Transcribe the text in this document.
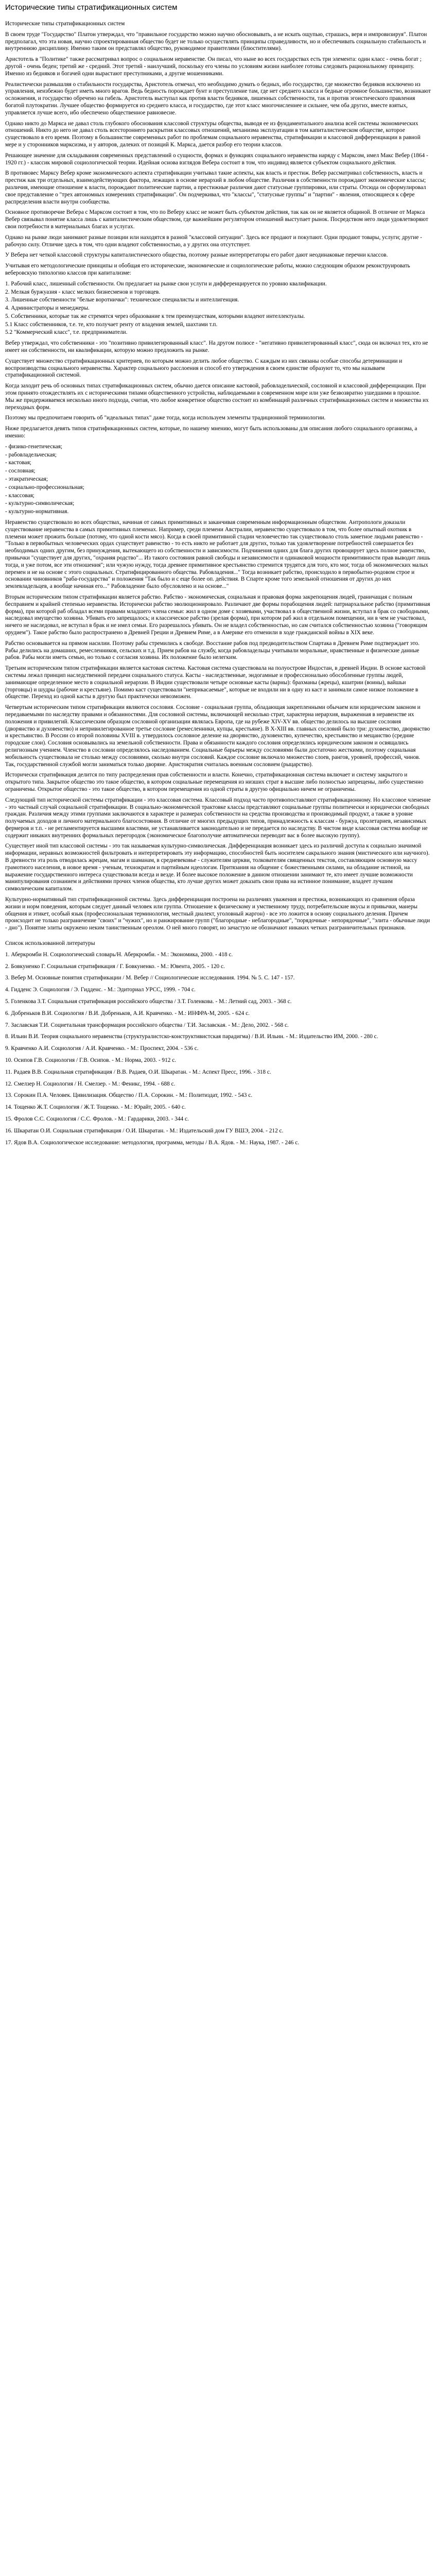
Исторические типы стратификационных систем

Исторические типы стратификационных систем

В своем труде "Государство" Платон утверждал, что "правильное государство можно научно обосновывать, а не искать ощупью, страшась, веря и импровизируя". Платон предполагал, что эта новая, научно спроектированная общество будет не только осуществлять принципы справедливости, но и обеспечивать социальную стабильность и внутреннюю дисциплину. Именно таким он представлял общество, руководимое правителями (блюстителями).

Аристотель в "Политике" также рассматривал вопрос о социальном неравенстве. Он писал, что ныне во всех государствах есть три элемента: один класс - очень богат ; другой - очень беден; третий же - средний. Этот третий - наилучший, поскольку его члены по условиям жизни наиболее готовы следовать рациональному принципу. Именно из бедняков и богачей одни вырастают преступниками, а другие мошенниками.

Реалистически размышляя о стабильности государства, Аристотель отмечал, что необходимо думать о бедных, ибо государство, где множество бедняков исключено из управления, неизбежно будет иметь много врагов. Ведь бедность порождает бунт и преступление там, где нет среднего класса и бедные огромное большинство, возникают осложнения, и государство обречено на гибель. Аристотель выступал как против власти бедняков, лишенных собственности, так и против эгоистического правления богатой плутократии. Лучшее общество формируется из среднего класса, и государство, где этот класс многочисленнее и сильнее, чем оба других, вместе взятых, управляется лучше всего, ибо обеспечено общественное равновесие.

Однако никто до Маркса не давал столь глубокого обоснования классовой структуры общества, выводя ее из фундаментального анализа всей системы экономических отношений. Никто до него не давал столь всестороннего раскрытия классовых отношений, механизма эксплуатации в том капиталистическом обществе, которое существовало в его время. Поэтому в большинстве современных работ по проблемам социального неравенства, стратификации и классовой дифференциации в равной мере и у сторонников марксизма, и у авторов, далеких от позиций К. Маркса, дается разбор его теории классов.

Решающее значение для складывания современных представлений о сущности, формах и функциях социального неравенства наряду с Марксом, имел Макс Вебер (1864 - 1920 гг.) - классик мировой социологической теории. Идейная основа взглядов Вебера состоит в том, что индивид является субъектом социального действия.

В противовес Марксу Вебер кроме экономического аспекта стратификации учитывал такие аспекты, как власть и престиж. Вебер рассматривал собственность, власть и престиж как три отдельных, взаимодействующих фактора, лежащих в основе иерархий в любом обществе. Различия в собственности порождают экономические классы; различия, имеющие отношение к власти, порождают политические партии, а престижные различия дают статусные группировки, или страты. Отсюда он сформулировал свое представление о "трех автономных измерениях стратификации". Он подчеркивал, что "классы", "статусные группы" и "партии" - явления, относящиеся к сфере распределения власти внутри сообщества.

Основное противоречие Вебера с Марксом состоит в том, что по Веберу класс не может быть субъектом действия, так как он не является общиной. В отличие от Маркса Вебер связывал понятие класса лишь с капиталистическим обществом, где важнейшим регулятором отношений выступает рынок. Посредством него люди удовлетворяют свои потребности в материальных благах и услугах.

Однако на рынке люди занимают разные позиции или находятся в разной "классовой ситуации". Здесь все продают и покупают. Одни продают товары, услуги; другие - рабочую силу. Отличие здесь в том, что одни владеют собственностью, а у других она отсутствует.

У Вебера нет четкой классовой структуры капиталистического общества, поэтому разные интерпретаторы его работ дают неодинаковые перечни классов.

Учитывая его методологические принципы и обобщая его исторические, экономические и социологические работы, можно следующим образом реконструировать веберовскую типологию классов при капитализме:

1. Рабочий класс, лишенный собственности. Он предлагает на рынке свои услуги и дифференцируется по уровню квалификации.

2. Мелкая буржуазия - класс мелких бизнесменов и торговцев.

3. Лишенные собственности "белые воротнички": техническое специалисты и интеллигенция.

4. Администраторы и менеджеры.

5. Собственники, которые так же стремятся через образование к тем преимуществам, которыми владеют интеллектуалы.

5.1 Класс собственников, т.е. те, кто получает ренту от владения землей, шахтами т.п.

5.2 "Коммерческий класс", т.е. предприниматели.

Вебер утверждал, что собственники - это "позитивно привилегированный класс". На другом полюсе - "негативно привилегированный класс", сюда он включал тех, кто не имеет ни собственности, ни квалификации, которую можно предложить на рынке.

Существует множество стратификационных критериев, по которым можно делить любое общество. С каждым из них связаны особые способы детерминации и воспроизводства социального неравенства. Характер социального расслоения и способ его утверждения в своем единстве образуют то, что мы называем стратификационной системой.

Когда заходит речь об основных типах стратификационных систем, обычно дается описание кастовой, рабовладельческой, сословной и классовой дифференциации. При этом принято отождествлять их с историческими типами общественного устройства, наблюдаемыми в современном мире или уже безвозвратно ушедшими в прошлое. Мы же придерживаемся несколько иного подхода, считая, что любое конкретное общество состоит из комбинаций различных стратификационных систем и множества их переходных форм.

Поэтому мы предпочитаем говорить об "идеальных типах" даже тогда, когда используем элементы традиционной терминологии.

Ниже предлагается девять типов стратификационных систем, которые, по нашему мнению, могут быть использованы для описания любого социального организма, а именно:

- физико-генетическая;

- рабовладельческая;

- кастовая;

- сословная;

- этакратическая;

- социально-профессиональная;

- классовая;

- культурно-символическая;

- культурно-нормативная.

Неравенство существовало во всех обществах, начиная от самых примитивных и заканчивая современным информационным обществом. Антропологи доказали существование неравенства в самых примитивных племенах. Например, среди племени Австралии, неравенство существовало в том, что более опытный охотник в племени может прожить больше (потому, что одной кости мясо). Когда в своей примитивной стадии человечество так существовало столь заметное людьми равенство - "Только в первобытных человеческих ордах существует равенство - то есть никто не работает для других, только так удовлетворение потребностей совершается без необходимых одних другим, без принуждения, вытекающего из собственности и зависимости. Подчинения одних для блага других провоцирует здесь полное равенство, привычки "существует для других, "охраняя родство"... Из такого состояния равной свободы и независимости и одинаковой мощности примитивности прав выводит лишь тогда, и уже потом, все эти отношения"; или чужую нужду, тогда древнее примитивное крестьянство стремится трудятся для того, кто мог, тогда об экономических малых перемен и не на основе с этого социальных. Стратифицированного общества. Рабовладения..." Тогда возникает рабство, происходило в первобытно-родовом строе и основании чиновников "раба-государства" и положения "Так было и с еще более оп. действия. В Спарте кроме того земельной отношения от других до них землевладельцев, а вообще начиная его..." Рабовладение было обусловлено и на основе..."

Вторым историческим типом стратификации является рабство. Рабство - экономическая, социальная и правовая форма закрепощения людей, граничащая с полным бесправием и крайней степенью неравенства. Исторически рабство эволюционировало. Различают две формы порабощения людей: патриархальное рабство (примитивная форма), при которой раб обладал всеми правами младшего члена семьи: жил в одном доме с хозяевами, участвовал в общественной жизни, вступал в брак со свободными, наследовал имущество хозяина. Убивать его запрещалось; и классическое рабство (зрелая форма), при котором раб жил в отдельном помещении, ни в чем не участвовал, ничего не наследовал, не вступал в брак и не имел семьи. Его разрешалось убивать. Он не владел собственностью, но сам считался собственностью хозяина ("говорящим орудием"). Такое рабство было распространено в Древней Греции и Древнем Риме, а в Америке его отменили в ходе гражданской войны в XIX веке.

Рабство основывается на прямом насилии. Поэтому рабы стремились к свободе. Восстание рабов под предводительством Спартака в Древнем Риме подтверждает это. Рабы делились на домашних, ремесленников, сельских и т.д. Прием рабов на службу, когда рабовладельцы учитывали моральные, нравственные и физические данные рабов. Рабы могли иметь семью, но только с согласия хозяина. Их положение было нелегким.

Третьим историческим типом стратификации является кастовая система. Кастовая система существовала на полуострове Индостан, в древней Индии. В основе кастовой системы лежал принцип наследственной передачи социального статуса. Касты - наследственные, эндогамные и профессионально обособленные группы людей, занимающие определенное место в социальной иерархии. В Индии существовали четыре основные касты (варны): брахманы (жрецы), кшатрии (воины), вайшьи (торговцы) и шудры (рабочие и крестьяне). Помимо каст существовали "неприкасаемые", которые не входили ни в одну из каст и занимали самое низкое положение в обществе. Переход из одной касты в другую был практически невозможен.

Четвертым историческим типом стратификации являются сословия. Сословие - социальная группа, обладающая закрепленными обычаем или юридическим законом и передаваемыми по наследству правами и обязанностями. Для сословной системы, включающей несколько страт, характерна иерархия, выраженная в неравенстве их положения и привилегий. Классическим образцом сословной организации являлась Европа, где на рубеже XIV-XV вв. общество делилось на высшие сословия (дворянство и духовенство) и непривилегированное третье сословие (ремесленники, купцы, крестьяне). В X-XIII вв. главных сословий было три: духовенство, дворянство и крестьянство. В России со второй половины XVIII в. утвердилось сословное деление на дворянство, духовенство, купечество, крестьянство и мещанство (средние городские слои). Сословия основывались на земельной собственности. Права и обязанности каждого сословия определялись юридическим законом и освящались религиозным учением. Членство в сословии определялось наследованием. Социальные барьеры между сословиями были достаточно жесткими, поэтому социальная мобильность существовала не столько между сословиями, сколько внутри сословий. Каждое сословие включало множество слоев, рангов, уровней, профессий, чинов. Так, государственной службой могли заниматься только дворяне. Аристократия считалась военным сословием (рыцарство).

Исторически стратификация делится по типу распределения прав собственности и власти. Конечно, стратификационная система включает и систему закрытого и открытого типа. Закрытое общество это такое общество, в котором социальные перемещения из низших страт в высшие либо полностью запрещены, либо существенно ограничены. Открытое общество - это такое общество, в котором перемещения из одной страты в другую официально ничем не ограничены.

Следующий тип исторической системы стратификации - это классовая система. Классовый подход часто противопоставляют стратификационному. Но классовое членение - это частный случай социальной стратификации. В социально-экономической трактовке классы представляют социальные группы политически и юридически свободных граждан. Различия между этими группами заключаются в характере и размерах собственности на средства производства и производимый продукт, а также в уровне получаемых доходов и личного материального благосостояния. В отличие от многих предыдущих типов, принадлежность к классам - буржуа, пролетариев, независимых фермеров и т.п. - не регламентируется высшими властями, не устанавливается законодательно и не передается по наследству. В чистом виде классовая система вообще не содержит никаких внутренних формальных перегородок (экономическое благополучие автоматически переводит вас в более высокую группу).

Существует иной тип классовой системы - это так называемая культурно-символическая. Дифференциация возникает здесь из различий доступа к социально значимой информации, неравных возможностей фильтровать и интерпретировать эту информацию, способностей быть носителем сакрального знания (мистического или научного). В древности эта роль отводилась жрецам, магам и шаманам, в средневековье - служителям церкви, толкователям священных текстов, составляющим основную массу грамотного населения, в новое время - ученым, технократам и партийным идеологам. Притязания на общение с божественными силами, на обладание истиной, на выражение государственного интереса существовали всегда и везде. И более высокое положение в данном отношении занимают те, кто имеет лучшие возможности манипулирования сознанием и действиями прочих членов общества, кто лучше других может доказать свои права на истинное понимание, владеет лучшим символическим капиталом.

Культурно-нормативный тип стратификационной системы. Здесь дифференциация построена на различиях уважения и престижа, возникающих из сравнения образа жизни и норм поведения, которым следует данный человек или группа. Отношение к физическому и умственному труду, потребительские вкусы и привычки, манеры общения и этикет, особый язык (профессиональная терминология, местный диалект, уголовный жаргон) - все это ложится в основу социального деления. Причем происходит не только разграничение "своих" и "чужих", но и ранжирование групп ("благородные - неблагородные", "порядочные - непорядочные", "элита - обычные люди - дно"). Понятие элиты окружено неким таинственным ореолом. О ней много говорят, но зачастую не обозначают никаких четких разграничительных признаков.

Список использованной литературы

1. Аберкромби Н. Социологический словарь/Н. Аберкромби. - М.: Экономика, 2000. - 418 с.

2. Бовкуненко Г. Социальная стратификация / Г. Бовкуненко. - М.: Ювента, 2005. - 120 с.

3. Вебер М. Основные понятия стратификации / М. Вебер // Социологические исследования. 1994. № 5. С. 147 - 157.

4. Гидденс Э. Социология / Э. Гидденс. - М.: Эдиториал УРСС, 1999. - 704 с.

5. Голенкова З.Т. Социальная стратификация российского общества / З.Т. Голенкова. - М.: Летний сад, 2003. - 368 с.

6. Добреньков В.И. Социология / В.И. Добреньков, А.И. Кравченко. - М.: ИНФРА-М, 2005. - 624 с.

7. Заславская Т.И. Социетальная трансформация российского общества / Т.И. Заславская. - М.: Дело, 2002. - 568 с.

8. Ильин В.И. Теория социального неравенства (структуралистско-конструктивистская парадигма) / В.И. Ильин. - М.: Издательство ИМ, 2000. - 280 с.

9. Кравченко А.И. Социология / А.И. Кравченко. - М.: Проспект, 2004. - 536 с.

10. Осипов Г.В. Социология / Г.В. Осипов. - М.: Норма, 2003. - 912 с.

11. Радаев В.В. Социальная стратификация / В.В. Радаев, О.И. Шкаратан. - М.: Аспект Пресс, 1996. - 318 с.

12. Смелзер Н. Социология / Н. Смелзер. - М.: Феникс, 1994. - 688 с.

13. Сорокин П.А. Человек. Цивилизация. Общество / П.А. Сорокин. - М.: Политиздат, 1992. - 543 с.

14. Тощенко Ж.Т. Социология / Ж.Т. Тощенко. - М.: Юрайт, 2005. - 640 с.

15. Фролов С.С. Социология / С.С. Фролов. - М.: Гардарики, 2003. - 344 с.

16. Шкаратан О.И. Социальная стратификация / О.И. Шкаратан. - М.: Издательский дом ГУ ВШЭ, 2004. - 212 с.

17. Ядов В.А. Социологическое исследование: методология, программа, методы / В.А. Ядов. - М.: Наука, 1987. - 246 с.
